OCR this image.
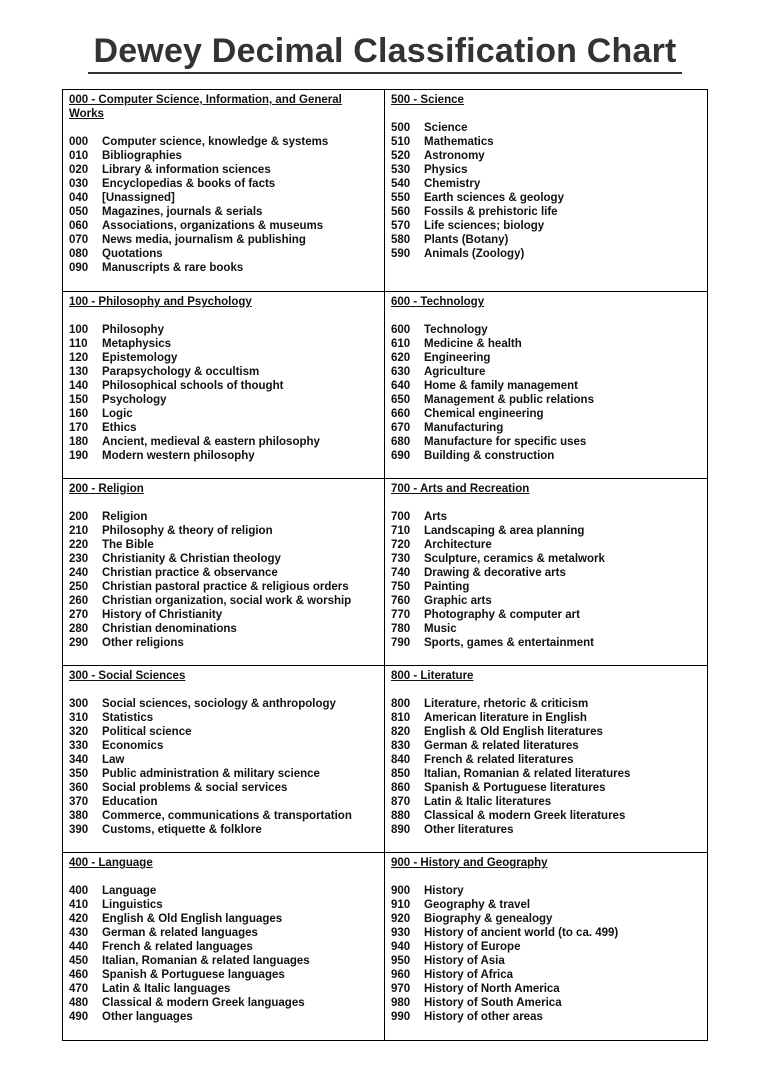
Dewey Decimal Classification Chart
000 - Computer Science, Information, and General Works
000	Computer science, knowledge & systems
010	Bibliographies
020	Library & information sciences
030	Encyclopedias & books of facts
040	[Unassigned]
050	Magazines, journals & serials
060	Associations, organizations & museums
070	News media, journalism & publishing
080	Quotations
090	Manuscripts & rare books
500 - Science
500	Science
510	Mathematics
520	Astronomy
530	Physics
540	Chemistry
550	Earth sciences & geology
560	Fossils & prehistoric life
570	Life sciences; biology
580	Plants (Botany)
590	Animals (Zoology)
100 - Philosophy and Psychology
100	Philosophy
110	Metaphysics
120	Epistemology
130	Parapsychology & occultism
140	Philosophical schools of thought
150	Psychology
160	Logic
170	Ethics
180	Ancient, medieval & eastern philosophy
190	Modern western philosophy
600 - Technology
600	Technology
610	Medicine & health
620	Engineering
630	Agriculture
640	Home & family management
650	Management & public relations
660	Chemical engineering
670	Manufacturing
680	Manufacture for specific uses
690	Building & construction
200 - Religion
200	Religion
210	Philosophy & theory of religion
220	The Bible
230	Christianity & Christian theology
240	Christian practice & observance
250	Christian pastoral practice & religious orders
260	Christian organization, social work & worship
270	History of Christianity
280	Christian denominations
290	Other religions
700 - Arts and Recreation
700	Arts
710	Landscaping & area planning
720	Architecture
730	Sculpture, ceramics & metalwork
740	Drawing & decorative arts
750	Painting
760	Graphic arts
770	Photography & computer art
780	Music
790	Sports, games & entertainment
300 - Social Sciences
300	Social sciences, sociology & anthropology
310	Statistics
320	Political science
330	Economics
340	Law
350	Public administration & military science
360	Social problems & social services
370	Education
380	Commerce, communications & transportation
390	Customs, etiquette & folklore
800 - Literature
800	Literature, rhetoric & criticism
810	American literature in English
820	English & Old English literatures
830	German & related literatures
840	French & related literatures
850	Italian, Romanian & related literatures
860	Spanish & Portuguese literatures
870	Latin & Italic literatures
880	Classical & modern Greek literatures
890	Other literatures
400 - Language
400	Language
410	Linguistics
420	English & Old English languages
430	German & related languages
440	French & related languages
450	Italian, Romanian & related languages
460	Spanish & Portuguese languages
470	Latin & Italic languages
480	Classical & modern Greek languages
490	Other languages
900 - History and Geography
900	History
910	Geography & travel
920	Biography & genealogy
930	History of ancient world (to ca. 499)
940	History of Europe
950	History of Asia
960	History of Africa
970	History of North America
980	History of South America
990	History of other areas
